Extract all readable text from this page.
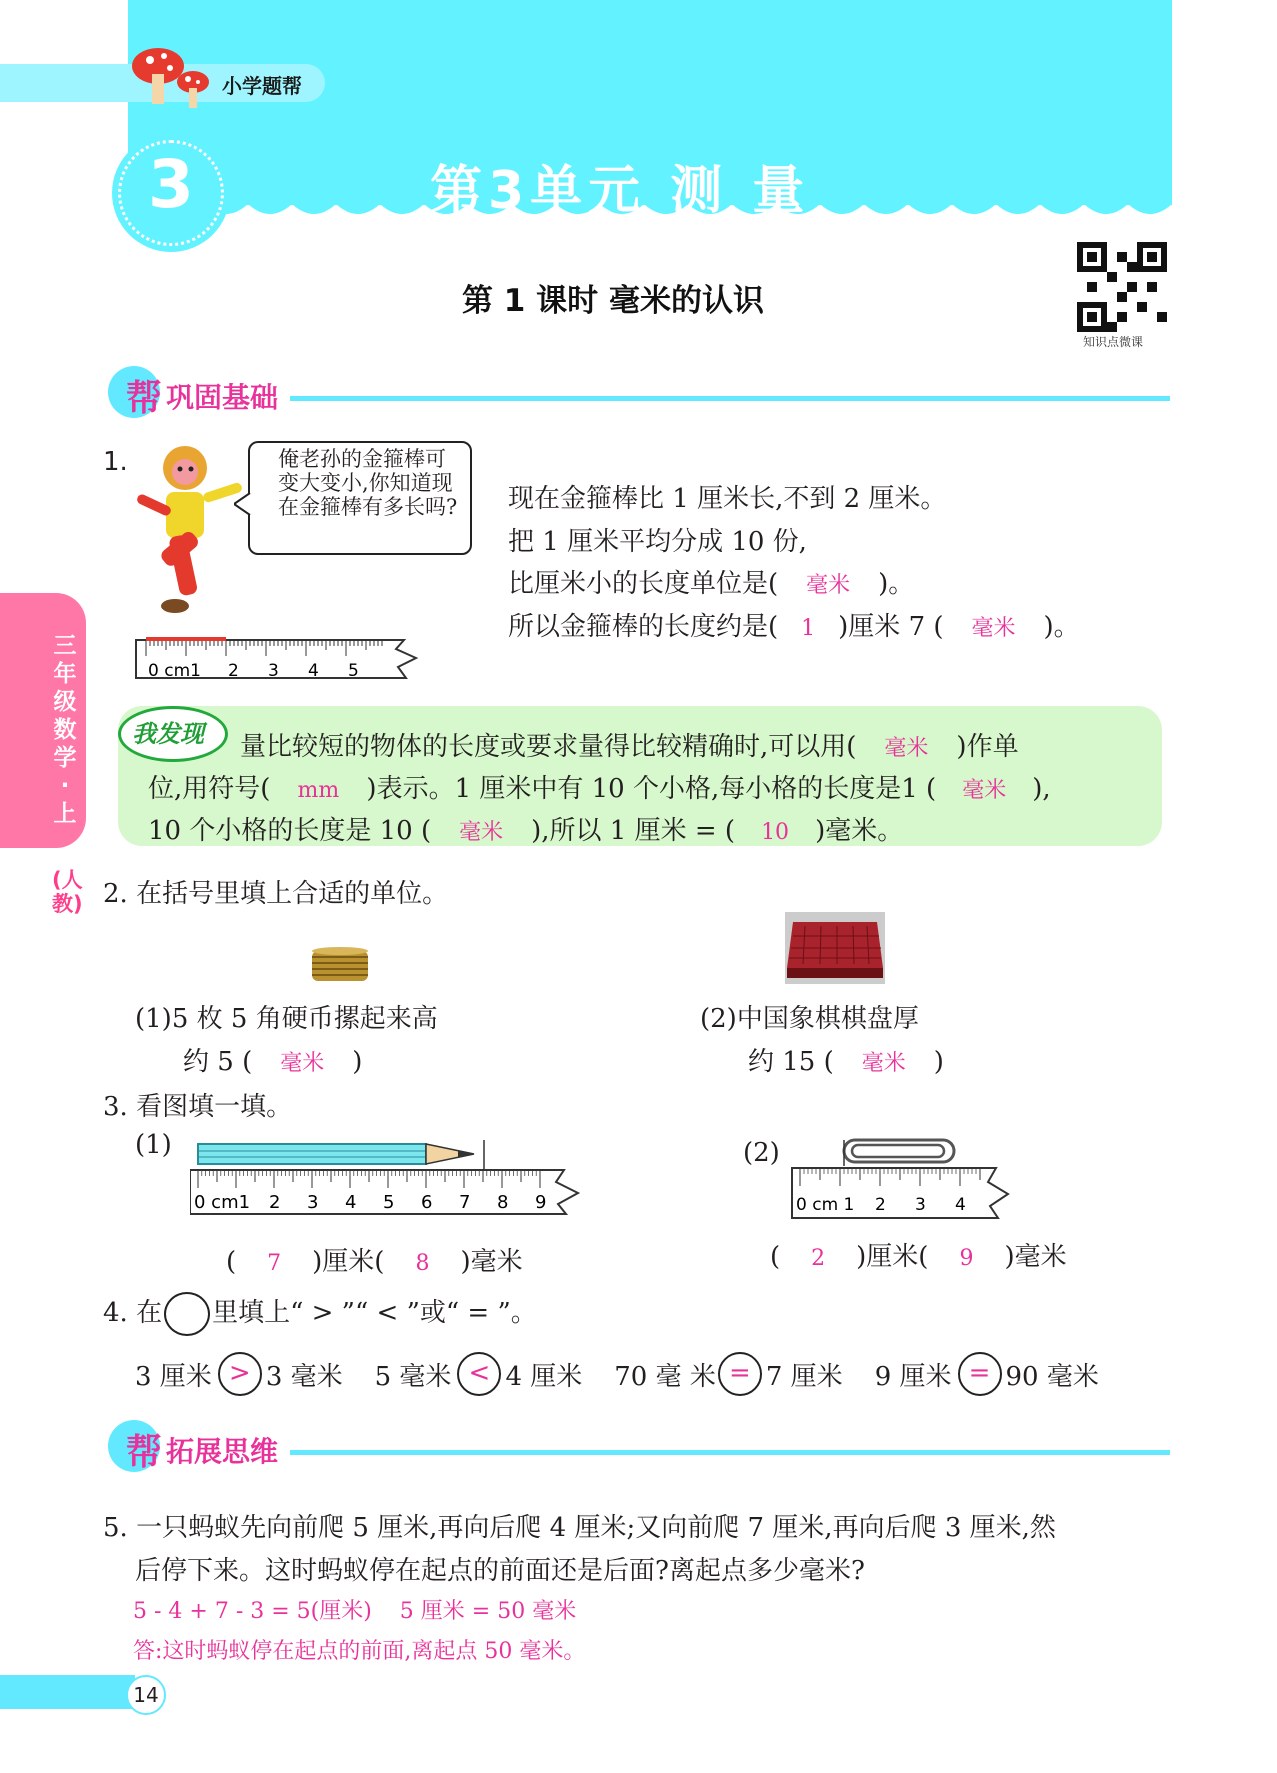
小学题帮
3	第3单元 测 量
第 1 课时 毫米的认识
知识点微课
三年级数学·上
(人教)
帮 巩固基础
1.	俺老孙的金箍棒可变大变小,你知道现在金箍棒有多长吗?
0 cm1 2 3 4 5
现在金箍棒比 1 厘米长,不到 2 厘米。
把 1 厘米平均分成 10 份,
比厘米小的长度单位是( 毫米 )。
所以金箍棒的长度约是( 1 )厘米 7 ( 毫米 )。
我发现 量比较短的物体的长度或要求量得比较精确时,可以用( 毫米 )作单
位,用符号( mm )表示。1 厘米中有 10 个小格,每小格的长度是1 ( 毫米 ),
10 个小格的长度是 10 ( 毫米 ),所以 1 厘米 = ( 10 )毫米。
2. 在括号里填上合适的单位。
(1)5 枚 5 角硬币摞起来高
约 5 ( 毫米 )
(2)中国象棋棋盘厚
约 15 ( 毫米 )
3. 看图填一填。
(1)
0 cm1 2 3 4 5 6 7 8 9
( 7 )厘米( 8 )毫米
(2)
0 cm 1 2 3 4
( 2 )厘米( 9 )毫米
4. 在 里填上“ > ”“ < ”或“ = ”。
3 厘米 > 3 毫米 5 毫米 < 4 厘米 70 毫 米 = 7 厘米 9 厘米 = 90 毫米
帮 拓展思维
5. 一只蚂蚁先向前爬 5 厘米,再向后爬 4 厘米;又向前爬 7 厘米,再向后爬 3 厘米,然
后停下来。这时蚂蚁停在起点的前面还是后面?离起点多少毫米?
5 - 4 + 7 - 3 = 5(厘米)    5 厘米 = 50 毫米
答:这时蚂蚁停在起点的前面,离起点 50 毫米。
14
